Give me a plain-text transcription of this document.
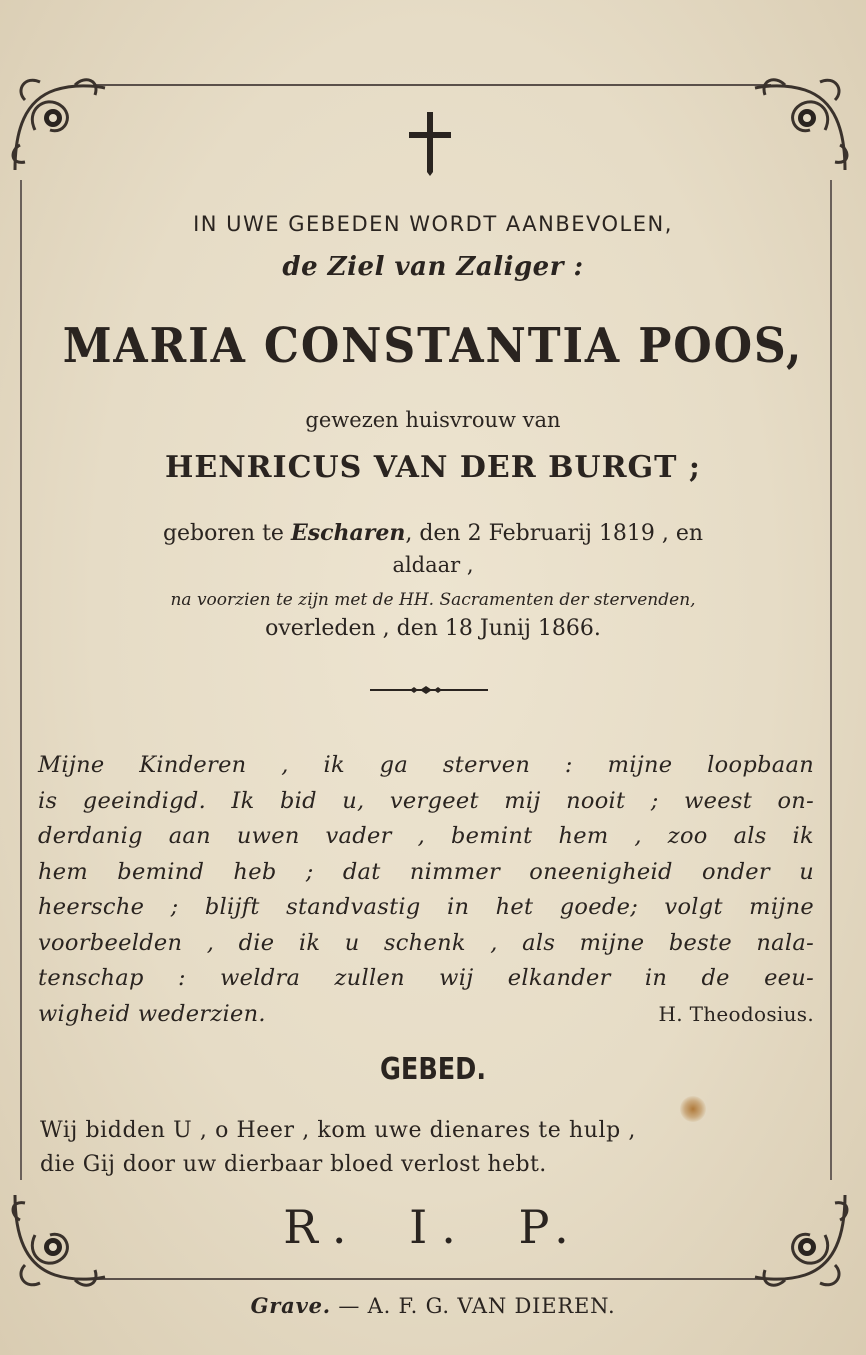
IN UWE GEBEDEN WORDT AANBEVOLEN,
de Ziel van Zaliger :
MARIA CONSTANTIA POOS,
gewezen huisvrouw van
HENRICUS VAN DER BURGT ;
geboren te Escharen, den 2 Februarij 1819 , en
aldaar ,
na voorzien te zijn met de HH. Sacramenten der stervenden,
overleden , den 18 Junij 1866.
Mijne Kinderen , ik ga sterven : mijne loopbaan
is geeindigd. Ik bid u, vergeet mij nooit ; weest on-
derdanig aan uwen vader , bemint hem , zoo als ik
hem bemind heb ; dat nimmer oneenigheid onder u
heersche ; blijft standvastig in het goede; volgt mijne
voorbeelden , die ik u schenk , als mijne beste nala-
tenschap : weldra zullen wij elkander in de eeu-
wigheid wederzien.	H. Theodosius.
GEBED.
Wij bidden U , o Heer , kom uwe dienares te hulp ,
die Gij door uw dierbaar bloed verlost hebt.
R. I. P.
Grave. — A. F. G. VAN DIEREN.
